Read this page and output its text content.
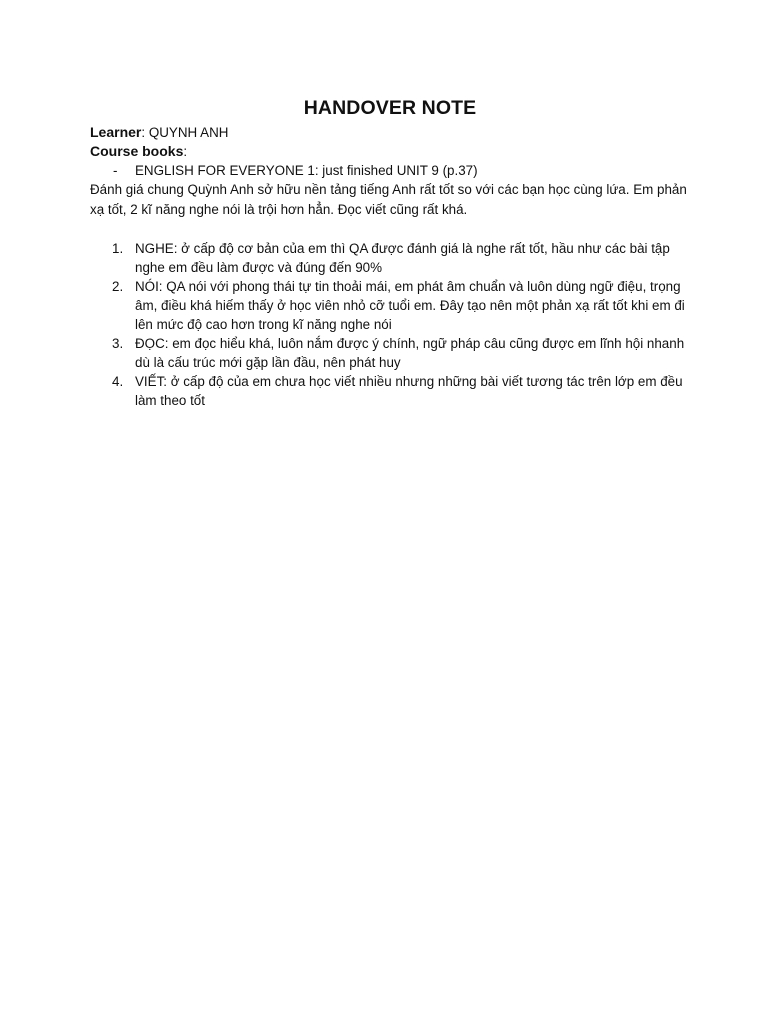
HANDOVER NOTE

Learner: QUYNH ANH

Course books:

- ENGLISH FOR EVERYONE 1: just finished UNIT 9 (p.37)

Đánh giá chung Quỳnh Anh sở hữu nền tảng tiếng Anh rất tốt so với các bạn học cùng lứa. Em phản xạ tốt, 2 kĩ năng nghe nói là trội hơn hẳn. Đọc viết cũng rất khá.

1. NGHE: ở cấp độ cơ bản của em thì QA được đánh giá là nghe rất tốt, hầu như các bài tập nghe em đều làm được và đúng đến 90%
2. NÓI: QA nói với phong thái tự tin thoải mái, em phát âm chuẩn và luôn dùng ngữ điệu, trọng âm, điều khá hiếm thấy ở học viên nhỏ cỡ tuổi em. Đây tạo nên một phản xạ rất tốt khi em đi lên mức độ cao hơn trong kĩ năng nghe nói
3. ĐỌC: em đọc hiểu khá, luôn nắm được ý chính, ngữ pháp câu cũng được em lĩnh hội nhanh dù là cấu trúc mới gặp lần đầu, nên phát huy
4. VIẾT: ở cấp độ của em chưa học viết nhiều nhưng những bài viết tương tác trên lớp em đều làm theo tốt
